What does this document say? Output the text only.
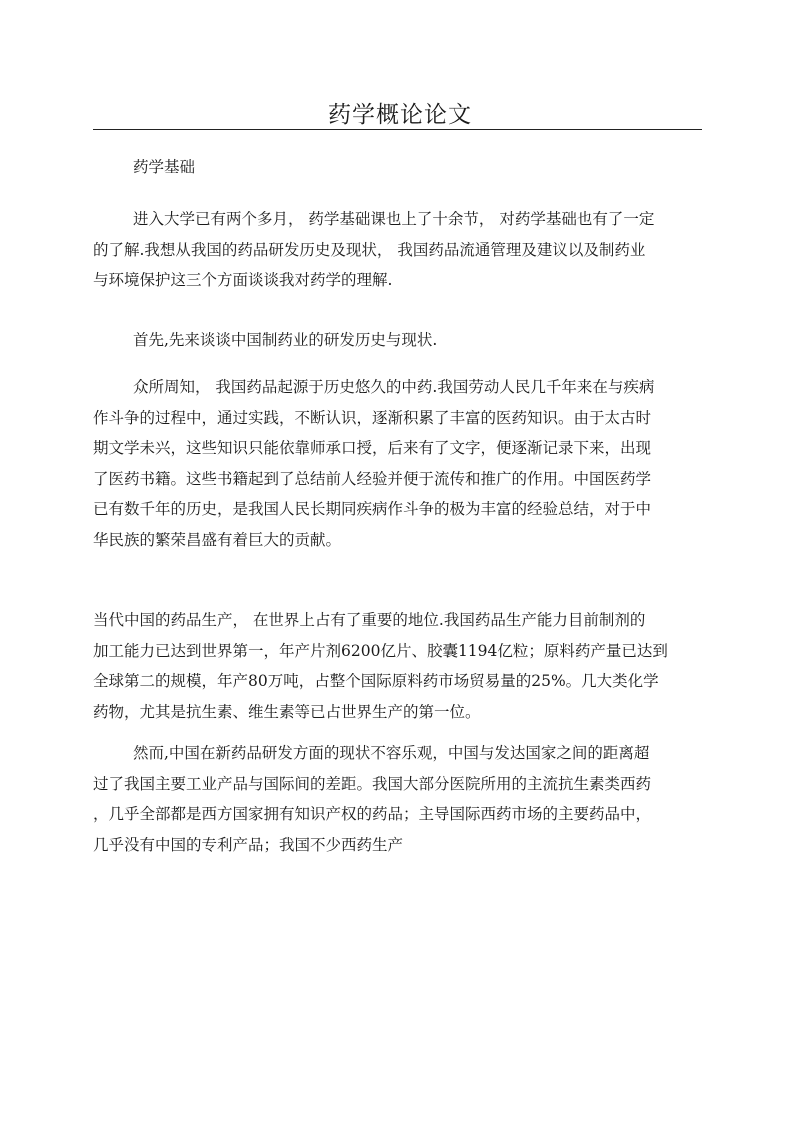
药学概论论文

药学基础

进入大学已有两个多月， 药学基础课也上了十余节， 对药学基础也有了一定
的了解.我想从我国的药品研发历史及现状， 我国药品流通管理及建议以及制药业
与环境保护这三个方面谈谈我对药学的理解.
首先,先来谈谈中国制药业的研发历史与现状.
众所周知， 我国药品起源于历史悠久的中药.我国劳动人民几千年来在与疾病
作斗争的过程中，通过实践，不断认识，逐渐积累了丰富的医药知识。由于太古时
期文学未兴，这些知识只能依靠师承口授，后来有了文字，便逐渐记录下来，出现
了医药书籍。这些书籍起到了总结前人经验并便于流传和推广的作用。中国医药学
已有数千年的历史，是我国人民长期同疾病作斗争的极为丰富的经验总结，对于中
华民族的繁荣昌盛有着巨大的贡献。
当代中国的药品生产， 在世界上占有了重要的地位.我国药品生产能力目前制剂的
加工能力已达到世界第一，年产片剂6200亿片、胶囊1194亿粒；原料药产量已达到
全球第二的规模，年产80万吨，占整个国际原料药市场贸易量的25%。几大类化学
药物，尤其是抗生素、维生素等已占世界生产的第一位。
然而,中国在新药品研发方面的现状不容乐观，中国与发达国家之间的距离超
过了我国主要工业产品与国际间的差距。我国大部分医院所用的主流抗生素类西药
，几乎全部都是西方国家拥有知识产权的药品；主导国际西药市场的主要药品中，
几乎没有中国的专利产品；我国不少西药生产
